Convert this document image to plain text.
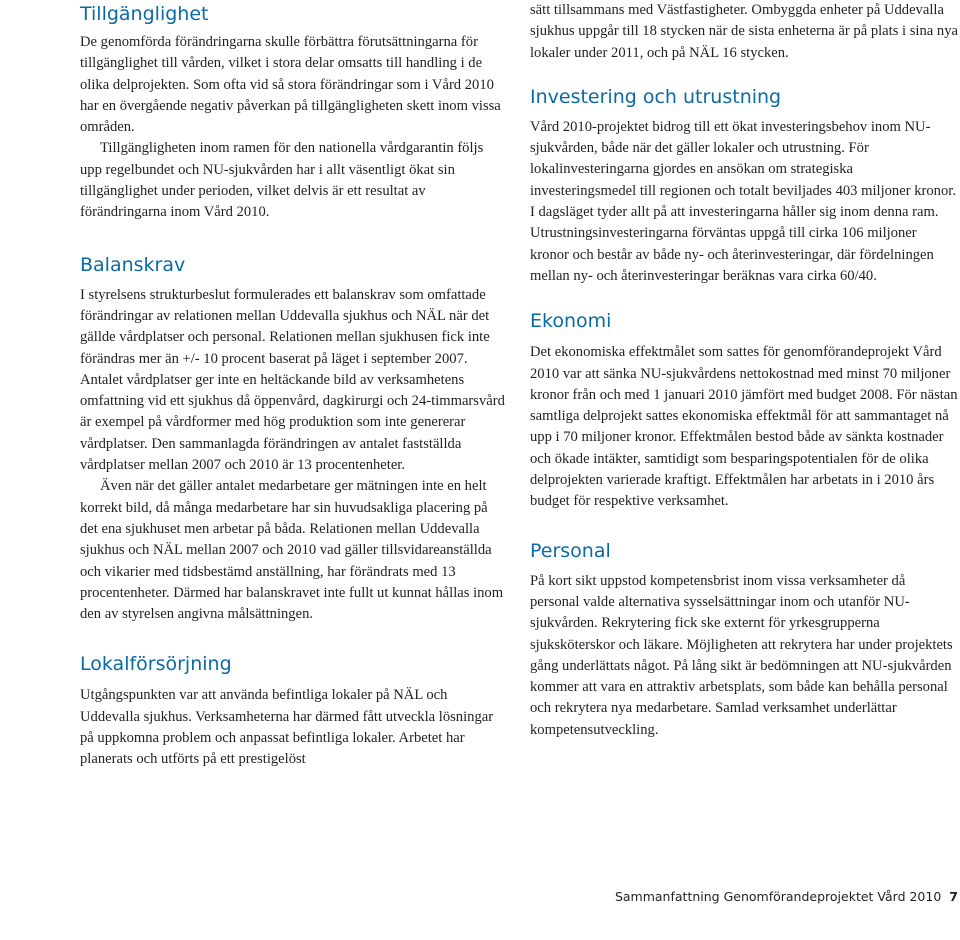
Tillgänglighet

De genomförda förändringarna skulle förbättra förutsättningarna för tillgänglighet till vården, vilket i stora delar omsatts till handling i de olika delprojekten. Som ofta vid så stora förändringar som i Vård 2010 har en övergående negativ påverkan på tillgängligheten skett inom vissa områden.

Tillgängligheten inom ramen för den nationella vårdgarantin följs upp regelbundet och NU-sjukvården har i allt väsentligt ökat sin tillgänglighet under perioden, vilket delvis är ett resultat av förändringarna inom Vård 2010.

Balanskrav

I styrelsens strukturbeslut formulerades ett balanskrav som omfattade förändringar av relationen mellan Uddevalla sjukhus och NÄL när det gällde vårdplatser och personal. Relationen mellan sjukhusen fick inte förändras mer än +/- 10 procent baserat på läget i september 2007. Antalet vårdplatser ger inte en heltäckande bild av verksamhetens omfattning vid ett sjukhus då öppenvård, dagkirurgi och 24-timmarsvård är exempel på vårdformer med hög produktion som inte genererar vårdplatser. Den sammanlagda förändringen av antalet fastställda vårdplatser mellan 2007 och 2010 är 13 procentenheter.

Även när det gäller antalet medarbetare ger mätningen inte en helt korrekt bild, då många medarbetare har sin huvudsakliga placering på det ena sjukhuset men arbetar på båda. Relationen mellan Uddevalla sjukhus och NÄL mellan 2007 och 2010 vad gäller tillsvidareanställda och vikarier med tidsbestämd anställning, har förändrats med 13 procentenheter. Därmed har balanskravet inte fullt ut kunnat hållas inom den av styrelsen angivna målsättningen.

Lokalförsörjning

Utgångspunkten var att använda befintliga lokaler på NÄL och Uddevalla sjukhus. Verksamheterna har därmed fått utveckla lösningar på uppkomna problem och anpassat befintliga lokaler. Arbetet har planerats och utförts på ett prestigelöst

sätt tillsammans med Västfastigheter. Ombyggda enheter på Uddevalla sjukhus uppgår till 18 stycken när de sista enheterna är på plats i sina nya lokaler under 2011, och på NÄL 16 stycken.

Investering och utrustning

Vård 2010-projektet bidrog till ett ökat investeringsbehov inom NU-sjukvården, både när det gäller lokaler och utrustning. För lokalinvesteringarna gjordes en ansökan om strategiska investeringsmedel till regionen och totalt beviljades 403 miljoner kronor. I dagsläget tyder allt på att investeringarna håller sig inom denna ram. Utrustningsinvesteringarna förväntas uppgå till cirka 106 miljoner kronor och består av både ny- och återinvesteringar, där fördelningen mellan ny- och återinvesteringar beräknas vara cirka 60/40.

Ekonomi

Det ekonomiska effektmålet som sattes för genomförandeprojekt Vård 2010 var att sänka NU-sjukvårdens nettokostnad med minst 70 miljoner kronor från och med 1 januari 2010 jämfört med budget 2008. För nästan samtliga delprojekt sattes ekonomiska effektmål för att sammantaget nå upp i 70 miljoner kronor. Effektmålen bestod både av sänkta kostnader och ökade intäkter, samtidigt som besparingspotentialen för de olika delprojekten varierade kraftigt. Effektmålen har arbetats in i 2010 års budget för respektive verksamhet.

Personal

På kort sikt uppstod kompetensbrist inom vissa verksamheter då personal valde alternativa sysselsättningar inom och utanför NU-sjukvården. Rekrytering fick ske externt för yrkesgrupperna sjuksköterskor och läkare. Möjligheten att rekrytera har under projektets gång underlättats något. På lång sikt är bedömningen att NU-sjukvården kommer att vara en attraktiv arbetsplats, som både kan behålla personal och rekrytera nya medarbetare. Samlad verksamhet underlättar kompetensutveckling.

Sammanfattning Genomförandeprojektet Vård 2010 7
